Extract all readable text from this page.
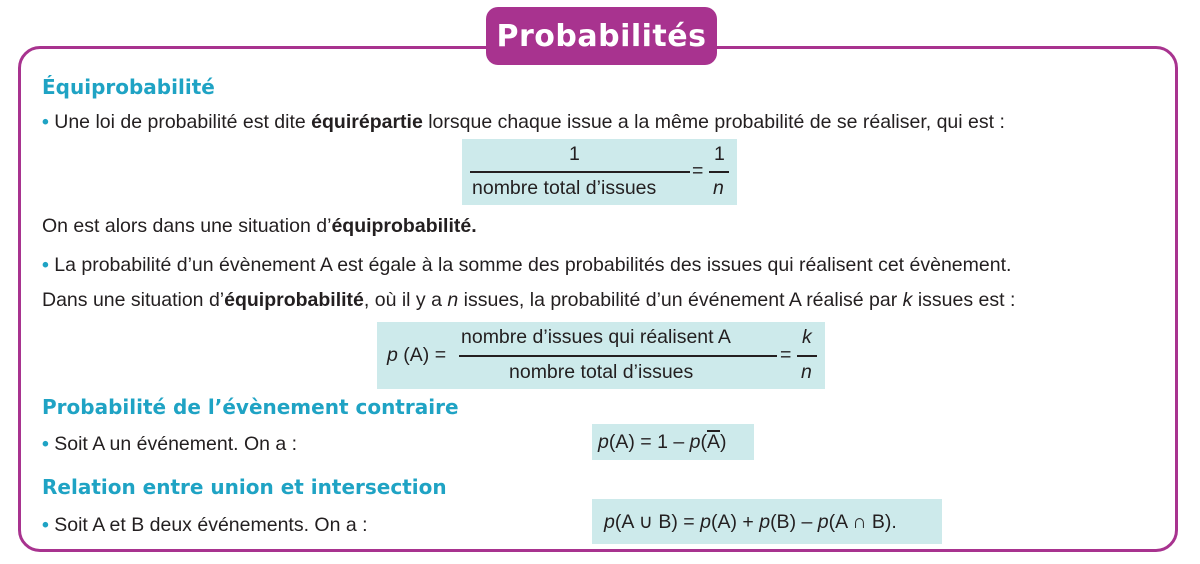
Probabilités
Équiprobabilité
• Une loi de probabilité est dite équirépartie lorsque chaque issue a la même probabilité de se réaliser, qui est :
1
nombre total d’issues
=
1
n
On est alors dans une situation d’équiprobabilité.
• La probabilité d’un évènement A est égale à la somme des probabilités des issues qui réalisent cet évènement.
Dans une situation d’équiprobabilité, où il y a n issues, la probabilité d’un événement A réalisé par k issues est :
p (A) =
nombre d’issues qui réalisent A
nombre total d’issues
=
k
n
Probabilité de l’évènement contraire
• Soit A un événement. On a :	p(A) = 1 – p(A
)
Relation entre union et intersection
• Soit A et B deux événements. On a :	p(A ∪ B) = p(A) + p(B) – p(A ∩ B).
